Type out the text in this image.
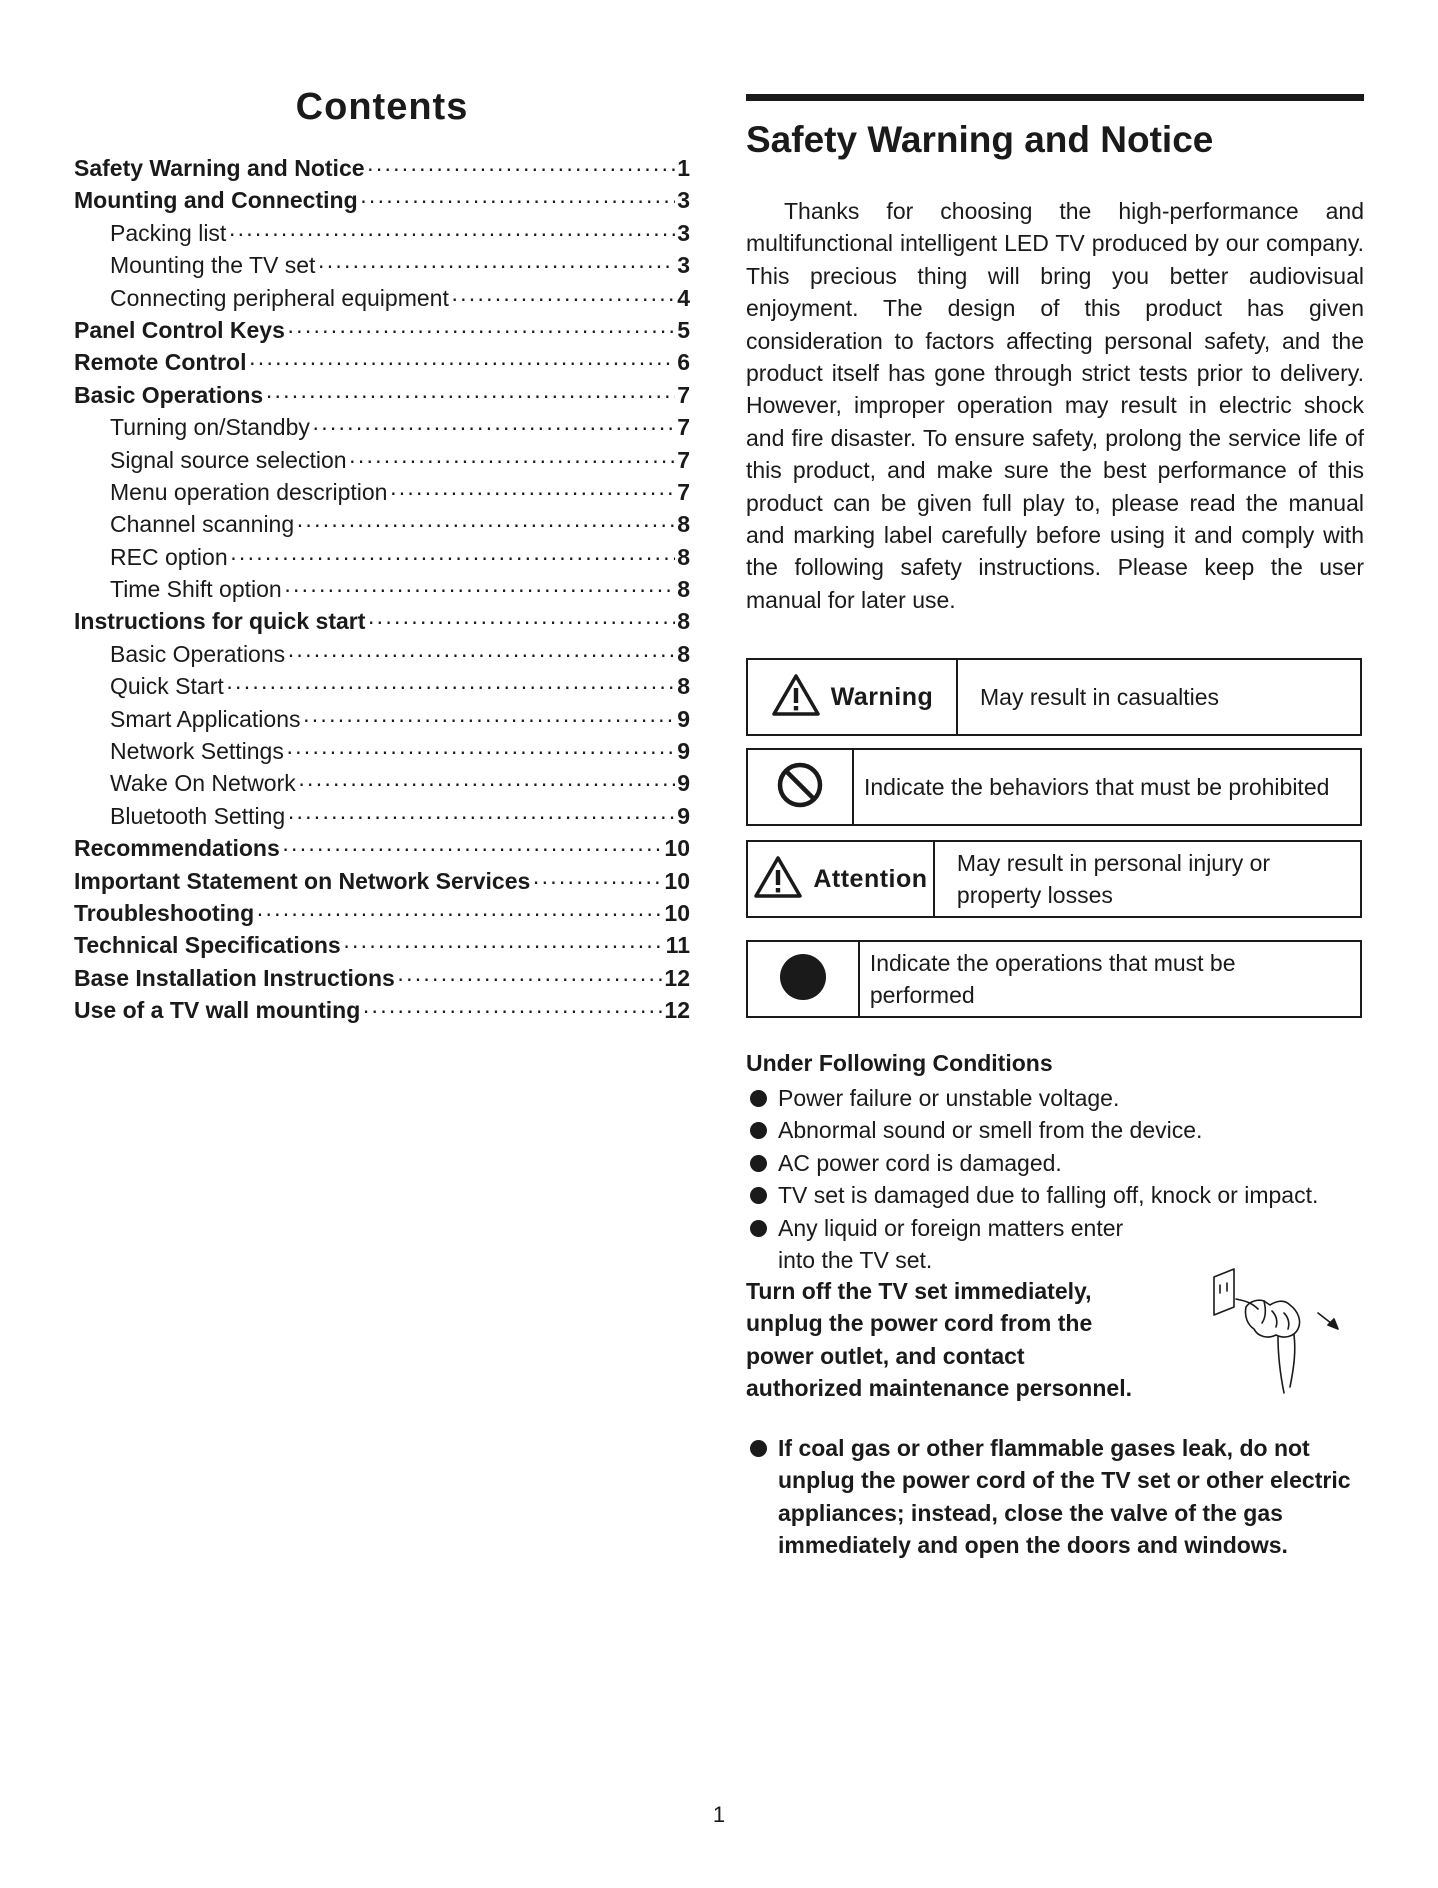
Contents
Safety Warning and Notice ·····	1
Mounting and Connecting ·····	3
Packing list ·····	3
Mounting the TV set ·····	3
Connecting peripheral equipment ·····	4
Panel Control Keys ·····	5
Remote Control ·····	6
Basic Operations ·····	7
Turning on/Standby ·····	7
Signal source selection ·····	7
Menu operation description ·····	7
Channel scanning ·····	8
REC option ·····	8
Time Shift option ·····	8
Instructions for quick start ·····	8
Basic Operations ·····	8
Quick Start ·····	8
Smart Applications ·····	9
Network Settings ·····	9
Wake On Network ·····	9
Bluetooth Setting ·····	9
Recommendations ·····	10
Important Statement on Network Services ·····	10
Troubleshooting ·····	10
Technical Specifications ·····	11
Base Installation Instructions ·····	12
Use of a TV wall mounting ·····	12
Safety Warning and Notice

Thanks for choosing the high-performance and multifunctional intelligent LED TV produced by our company. This precious thing will bring you better audiovisual enjoyment. The design of this product has given consideration to factors affecting personal safety, and the product itself has gone through strict tests prior to delivery. However, improper operation may result in electric shock and fire disaster. To ensure safety, prolong the service life of this product, and make sure the best performance of this product can be given full play to, please read the manual and marking label carefully before using it and comply with the following safety instructions. Please keep the user manual for later use.

Warning	May result in casualties
Indicate the behaviors that must be prohibited
Attention
May result in personal injury or property losses
Indicate the operations that must be performed
Under Following Conditions
Power failure or unstable voltage.
Abnormal sound or smell from the device.
AC power cord is damaged.
TV set is damaged due to falling off, knock or impact.
Any liquid or foreign matters enter
into the TV set.
Turn off the TV set immediately,
unplug the power cord from the
power outlet, and contact
authorized maintenance personnel.
If coal gas or other flammable gases leak, do not unplug the power cord of the TV set or other electric appliances; instead, close the valve of the gas immediately and open the doors and windows.
1
